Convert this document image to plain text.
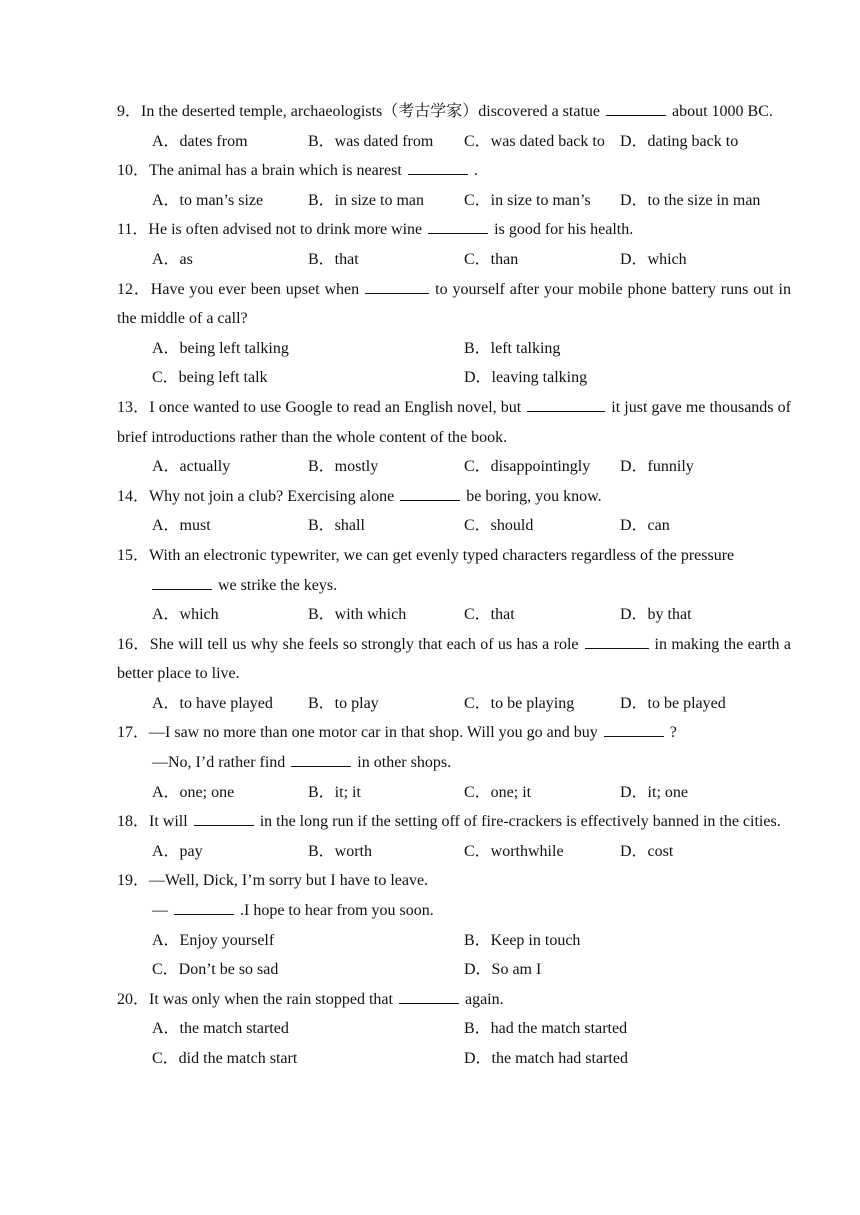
9．In the deserted temple, archaeologists（考古学家）discovered a statue	about 1000 BC.

A．dates from	B．was dated from	C．was dated back to D．dating back to

10．The animal has a brain which is nearest	.

A．to man’s size	B．in size to man	C．in size to man’s	D．to the size in man

11．He is often advised not to drink more wine	is good for his health.

A．as	B．that	C．than	D．which

12．Have you ever been upset when	to yourself after your mobile phone battery runs out in the middle of a call?

A．being left talking	B．left talking
C．being left talk	D．leaving talking

13．I once wanted to use Google to read an English novel, but	it just gave me thousands of brief introductions rather than the whole content of the book.

A．actually	B．mostly	C．disappointingly	D．funnily

14．Why not join a club? Exercising alone	be boring, you know.

A．must	B．shall	C．should	D．can

15．With an electronic typewriter, we can get evenly typed characters regardless of the pressure
we strike the keys.

A．which	B．with which	C．that	D．by that

16．She will tell us why she feels so strongly that each of us has a role	in making the earth a better place to live.

A．to have played	B．to play	C．to be playing	D．to be played

17．—I saw no more than one motor car in that shop. Will you go and buy	?

—No, I’d rather find	in other shops.

A．one; one	B．it; it	C．one; it	D．it; one

18．It will	in the long run if the setting off of fire-crackers is effectively banned in the cities.

A．pay	B．worth	C．worthwhile	D．cost

19．—Well, Dick, I’m sorry but I have to leave.

—	.I hope to hear from you soon.

A．Enjoy yourself	B．Keep in touch
C．Don’t be so sad	D．So am I

20．It was only when the rain stopped that	again.

A．the match started	B．had the match started
C．did the match start	D．the match had started
